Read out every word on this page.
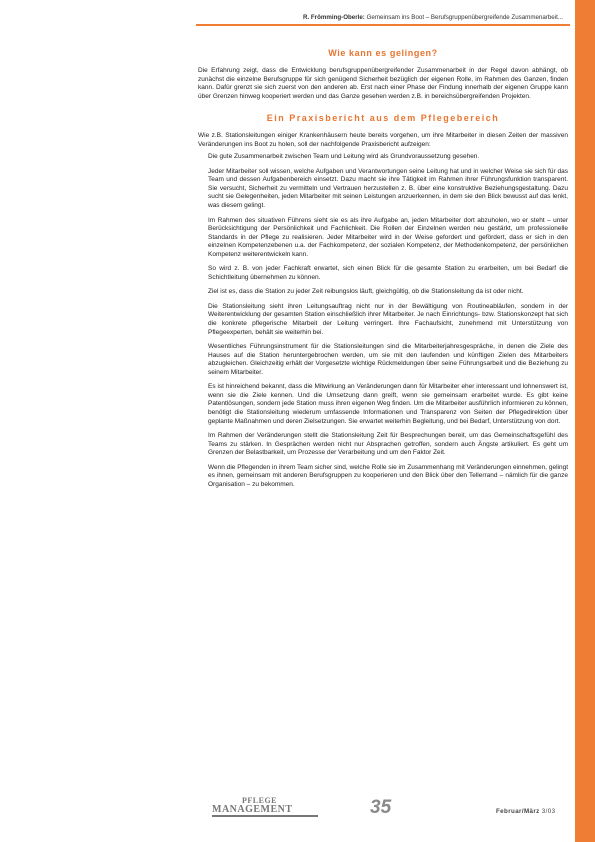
R. Frömming-Oberle: Gemeinsam ins Boot – Berufsgruppenübergreifende Zusammenarbeit...
Wie kann es gelingen?

Die Erfahrung zeigt, dass die Entwicklung berufsgruppenübergreifender Zusammenarbeit in der Regel davon abhängt, ob zunächst die einzelne Berufsgruppe für sich genügend Sicherheit bezüglich der eigenen Rolle, im Rahmen des Ganzen, finden kann. Dafür grenzt sie sich zuerst von den anderen ab. Erst nach einer Phase der Findung innerhalb der eigenen Gruppe kann über Grenzen hinweg kooperiert werden und das Ganze gesehen werden z.B. in bereichsübergreifenden Projekten.

Ein Praxisbericht aus dem Pflegebereich

Wie z.B. Stationsleitungen einiger Krankenhäusern heute bereits vorgehen, um ihre Mitarbeiter in diesen Zeiten der massiven Veränderungen ins Boot zu holen, soll der nachfolgende Praxisbericht aufzeigen:

Die gute Zusammenarbeit zwischen Team und Leitung wird als Grundvoraussetzung gesehen.

Jeder Mitarbeiter soll wissen, welche Aufgaben und Verantwortungen seine Leitung hat und in welcher Weise sie sich für das Team und dessen Aufgabenbereich einsetzt. Dazu macht sie ihre Tätigkeit im Rahmen ihrer Führungsfunktion transparent. Sie versucht, Sicherheit zu vermitteln und Vertrauen herzustellen z. B. über eine konstruktive Beziehungsgestaltung. Dazu sucht sie Gelegenheiten, jeden Mitarbeiter mit seinen Leistungen anzuerkennen, in dem sie den Blick bewusst auf das lenkt, was diesem gelingt.

Im Rahmen des situativen Führens sieht sie es als ihre Aufgabe an, jeden Mitarbeiter dort abzuholen, wo er steht – unter Berücksichtigung der Persönlichkeit und Fachlichkeit. Die Rollen der Einzelnen werden neu gestärkt, um professionelle Standards in der Pflege zu realisieren. Jeder Mitarbeiter wird in der Weise gefordert und gefördert, dass er sich in den einzelnen Kompetenzebenen u.a. der Fachkompetenz, der sozialen Kompetenz, der Methodenkompetenz, der persönlichen Kompetenz weiterentwickeln kann.

So wird z. B. von jeder Fachkraft erwartet, sich einen Blick für die gesamte Station zu erarbeiten, um bei Bedarf die Schichtleitung übernehmen zu können.

Ziel ist es, dass die Station zu jeder Zeit reibungslos läuft, gleichgültig, ob die Stationsleitung da ist oder nicht.

Die Stationsleitung sieht ihren Leitungsauftrag nicht nur in der Bewältigung von Routineabläufen, sondern in der Weiterentwicklung der gesamten Station einschließlich ihrer Mitarbeiter. Je nach Einrichtungs- bzw. Stationskonzept hat sich die konkrete pflegerische Mitarbeit der Leitung verringert. Ihre Fachaufsicht, zunehmend mit Unterstützung von Pflegeexperten, behält sie weiterhin bei.

Wesentliches Führungsinstrument für die Stationsleitungen sind die Mitarbeiterjahresgespräche, in denen die Ziele des Hauses auf die Station heruntergebrochen werden, um sie mit den laufenden und künftigen Zielen des Mitarbeiters abzugleichen. Gleichzeitig erhält der Vorgesetzte wichtige Rückmeldungen über seine Führungsarbeit und die Beziehung zu seinem Mitarbeiter.

Es ist hinreichend bekannt, dass die Mitwirkung an Veränderungen dann für Mitarbeiter eher interessant und lohnenswert ist, wenn sie die Ziele kennen. Und die Umsetzung dann greift, wenn sie gemeinsam erarbeitet wurde. Es gibt keine Patentlösungen, sondern jede Station muss ihren eigenen Weg finden. Um die Mitarbeiter ausführlich informieren zu können, benötigt die Stationsleitung wiederum umfassende Informationen und Transparenz von Seiten der Pflegedirektion über geplante Maßnahmen und deren Zielsetzungen. Sie erwartet weiterhin Begleitung, und bei Bedarf, Unterstützung von dort.

Im Rahmen der Veränderungen stellt die Stationsleitung Zeit für Besprechungen bereit, um das Gemeinschaftsgefühl des Teams zu stärken. In Gesprächen werden nicht nur Absprachen getroffen, sondern auch Ängste artikuliert. Es geht um Grenzen der Belastbarkeit, um Prozesse der Verarbeitung und um den Faktor Zeit.

Wenn die Pflegenden in ihrem Team sicher sind, welche Rolle sie im Zusammenhang mit Veränderungen einnehmen, gelingt es ihnen, gemeinsam mit anderen Berufsgruppen zu kooperieren und den Blick über den Tellerrand – nämlich für die ganze Organisation – zu bekommen.

PFLEGE
MANAGEMENT	35	Februar/März 3/03
